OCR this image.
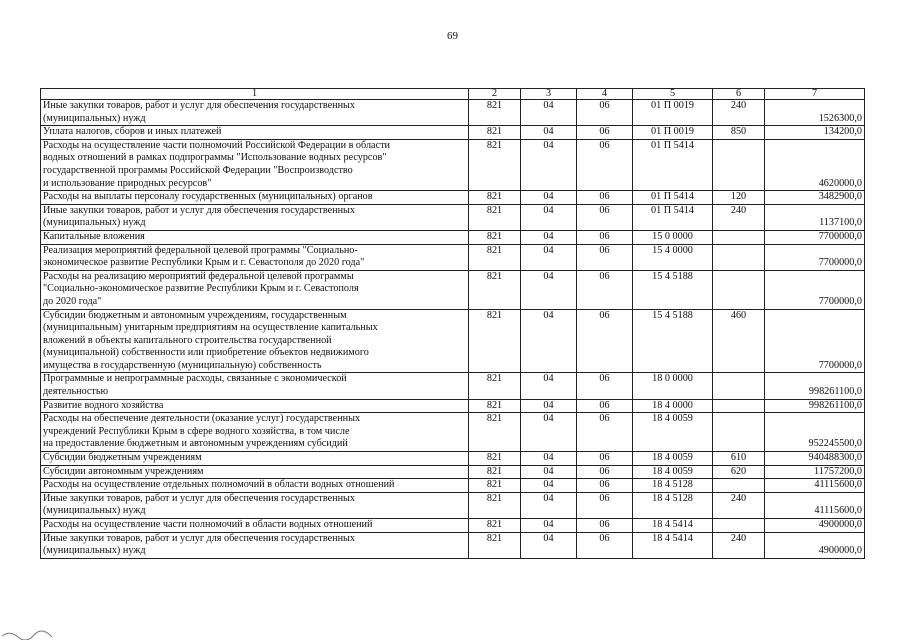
69
1	2	3	4	5	6	7
Иные закупки товаров, работ и услуг для обеспечения государственных
(муниципальных) нужд	821	04	06	01 П 0019	240	1526300,0
Уплата налогов, сборов и иных платежей	821	04	06	01 П 0019	850	134200,0
Расходы на осуществление части полномочий Российской Федерации в области
водных отношений в рамках подпрограммы "Использование водных ресурсов"
государственной программы Российской Федерации "Воспроизводство
и использование природных ресурсов"	821	04	06	01 П 5414		4620000,0
Расходы на выплаты персоналу государственных (муниципальных) органов	821	04	06	01 П 5414	120	3482900,0
Иные закупки товаров, работ и услуг для обеспечения государственных
(муниципальных) нужд	821	04	06	01 П 5414	240	1137100,0
Капитальные вложения	821	04	06	15 0 0000		7700000,0
Реализация мероприятий федеральной целевой программы "Социально-
экономическое развитие Республики Крым и г. Севастополя до 2020 года"	821	04	06	15 4 0000		7700000,0
Расходы на реализацию мероприятий федеральной целевой программы
"Социально-экономическое развитие Республики Крым и г. Севастополя
до 2020 года"	821	04	06	15 4 5188		7700000,0
Субсидии бюджетным и автономным учреждениям, государственным
(муниципальным) унитарным предприятиям на осуществление капитальных
вложений в объекты капитального строительства государственной
(муниципальной) собственности или приобретение объектов недвижимого
имущества в государственную (муниципальную) собственность	821	04	06	15 4 5188	460	7700000,0
Программные и непрограммные расходы, связанные с экономической
деятельностью	821	04	06	18 0 0000		998261100,0
Развитие водного хозяйства	821	04	06	18 4 0000		998261100,0
Расходы на обеспечение деятельности (оказание услуг) государственных
учреждений Республики Крым в сфере водного хозяйства, в том числе
на предоставление бюджетным и автономным учреждениям субсидий	821	04	06	18 4 0059		952245500,0
Субсидии бюджетным учреждениям	821	04	06	18 4 0059	610	940488300,0
Субсидии автономным учреждениям	821	04	06	18 4 0059	620	11757200,0
Расходы на осуществление отдельных полномочий в области водных отношений	821	04	06	18 4 5128		41115600,0
Иные закупки товаров, работ и услуг для обеспечения государственных
(муниципальных) нужд	821	04	06	18 4 5128	240	41115600,0
Расходы на осуществление части полномочий в области водных отношений	821	04	06	18 4 5414		4900000,0
Иные закупки товаров, работ и услуг для обеспечения государственных
(муниципальных) нужд	821	04	06	18 4 5414	240	4900000,0
